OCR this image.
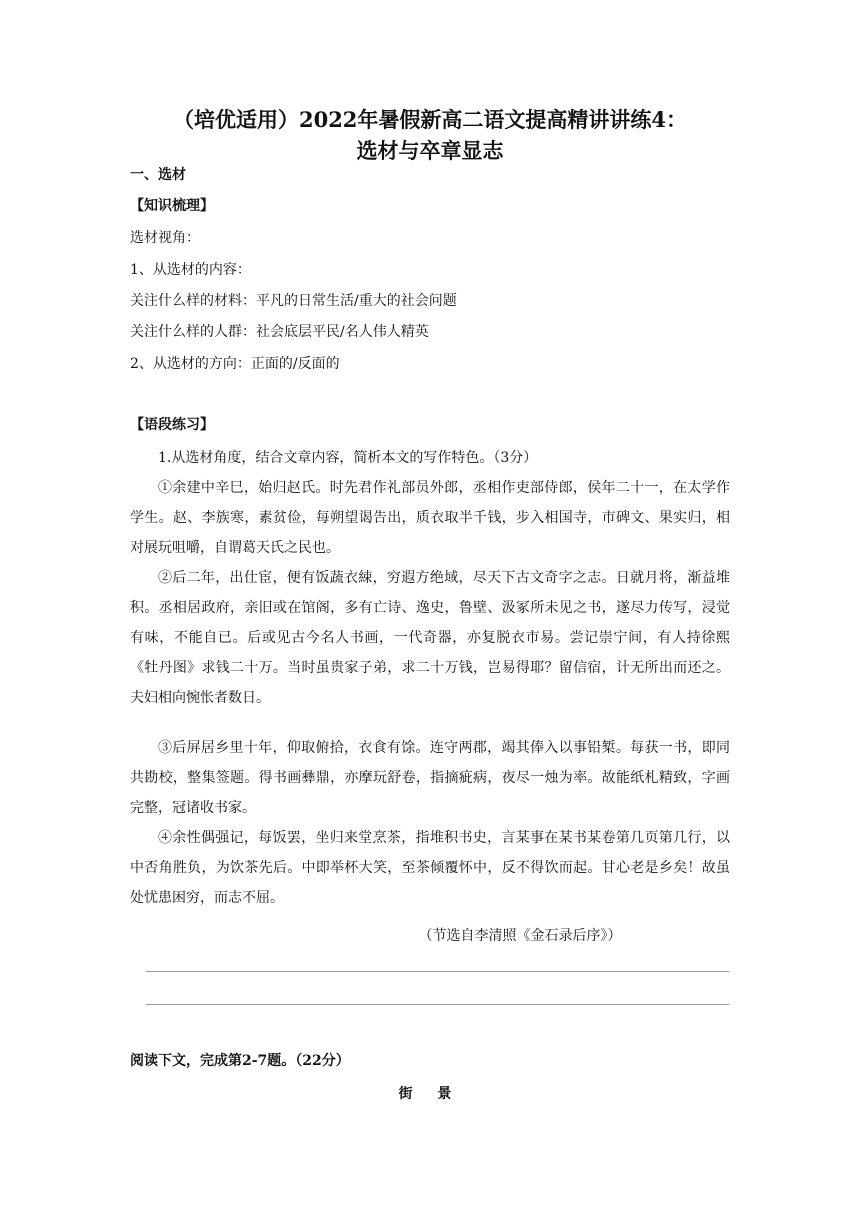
（培优适用）2022年暑假新高二语文提高精讲讲练4：
选材与卒章显志
一、选材
【知识梳理】
选材视角：
1、从选材的内容：
关注什么样的材料：平凡的日常生活/重大的社会问题
关注什么样的人群：社会底层平民/名人伟人精英
2、从选材的方向：正面的/反面的
【语段练习】
1.从选材角度，结合文章内容，简析本文的写作特色。（3分）
①余建中辛巳，始归赵氏。时先君作礼部员外郎，丞相作吏部侍郎，侯年二十一，在太学作学生。赵、李族寒，素贫俭，每朔望谒告出，质衣取半千钱，步入相国寺，市碑文、果实归，相对展玩咀嚼，自谓葛天氏之民也。
②后二年，出仕宦，便有饭蔬衣綀，穷遐方绝域，尽天下古文奇字之志。日就月将，渐益堆积。丞相居政府，亲旧或在馆阁，多有亡诗、逸史，鲁壁、汲冢所未见之书，遂尽力传写，浸觉有味，不能自已。后或见古今名人书画，一代奇器，亦复脱衣市易。尝记崇宁间，有人持徐熙《牡丹图》求钱二十万。当时虽贵家子弟，求二十万钱，岂易得耶？留信宿，计无所出而还之。夫妇相向惋怅者数日。
③后屏居乡里十年，仰取俯拾，衣食有馀。连守两郡，竭其俸入以事铅椠。每获一书，即同共勘校，整集签题。得书画彝鼎，亦摩玩舒卷，指摘疵病，夜尽一烛为率。故能纸札精致，字画完整，冠诸收书家。
④余性偶强记，每饭罢，坐归来堂烹茶，指堆积书史，言某事在某书某卷第几页第几行，以中否角胜负，为饮茶先后。中即举杯大笑，至茶倾覆怀中，反不得饮而起。甘心老是乡矣！故虽处忧患困穷，而志不屈。
（节选自李清照《金石录后序》）
阅读下文，完成第2-7题。（22分）
街 景
